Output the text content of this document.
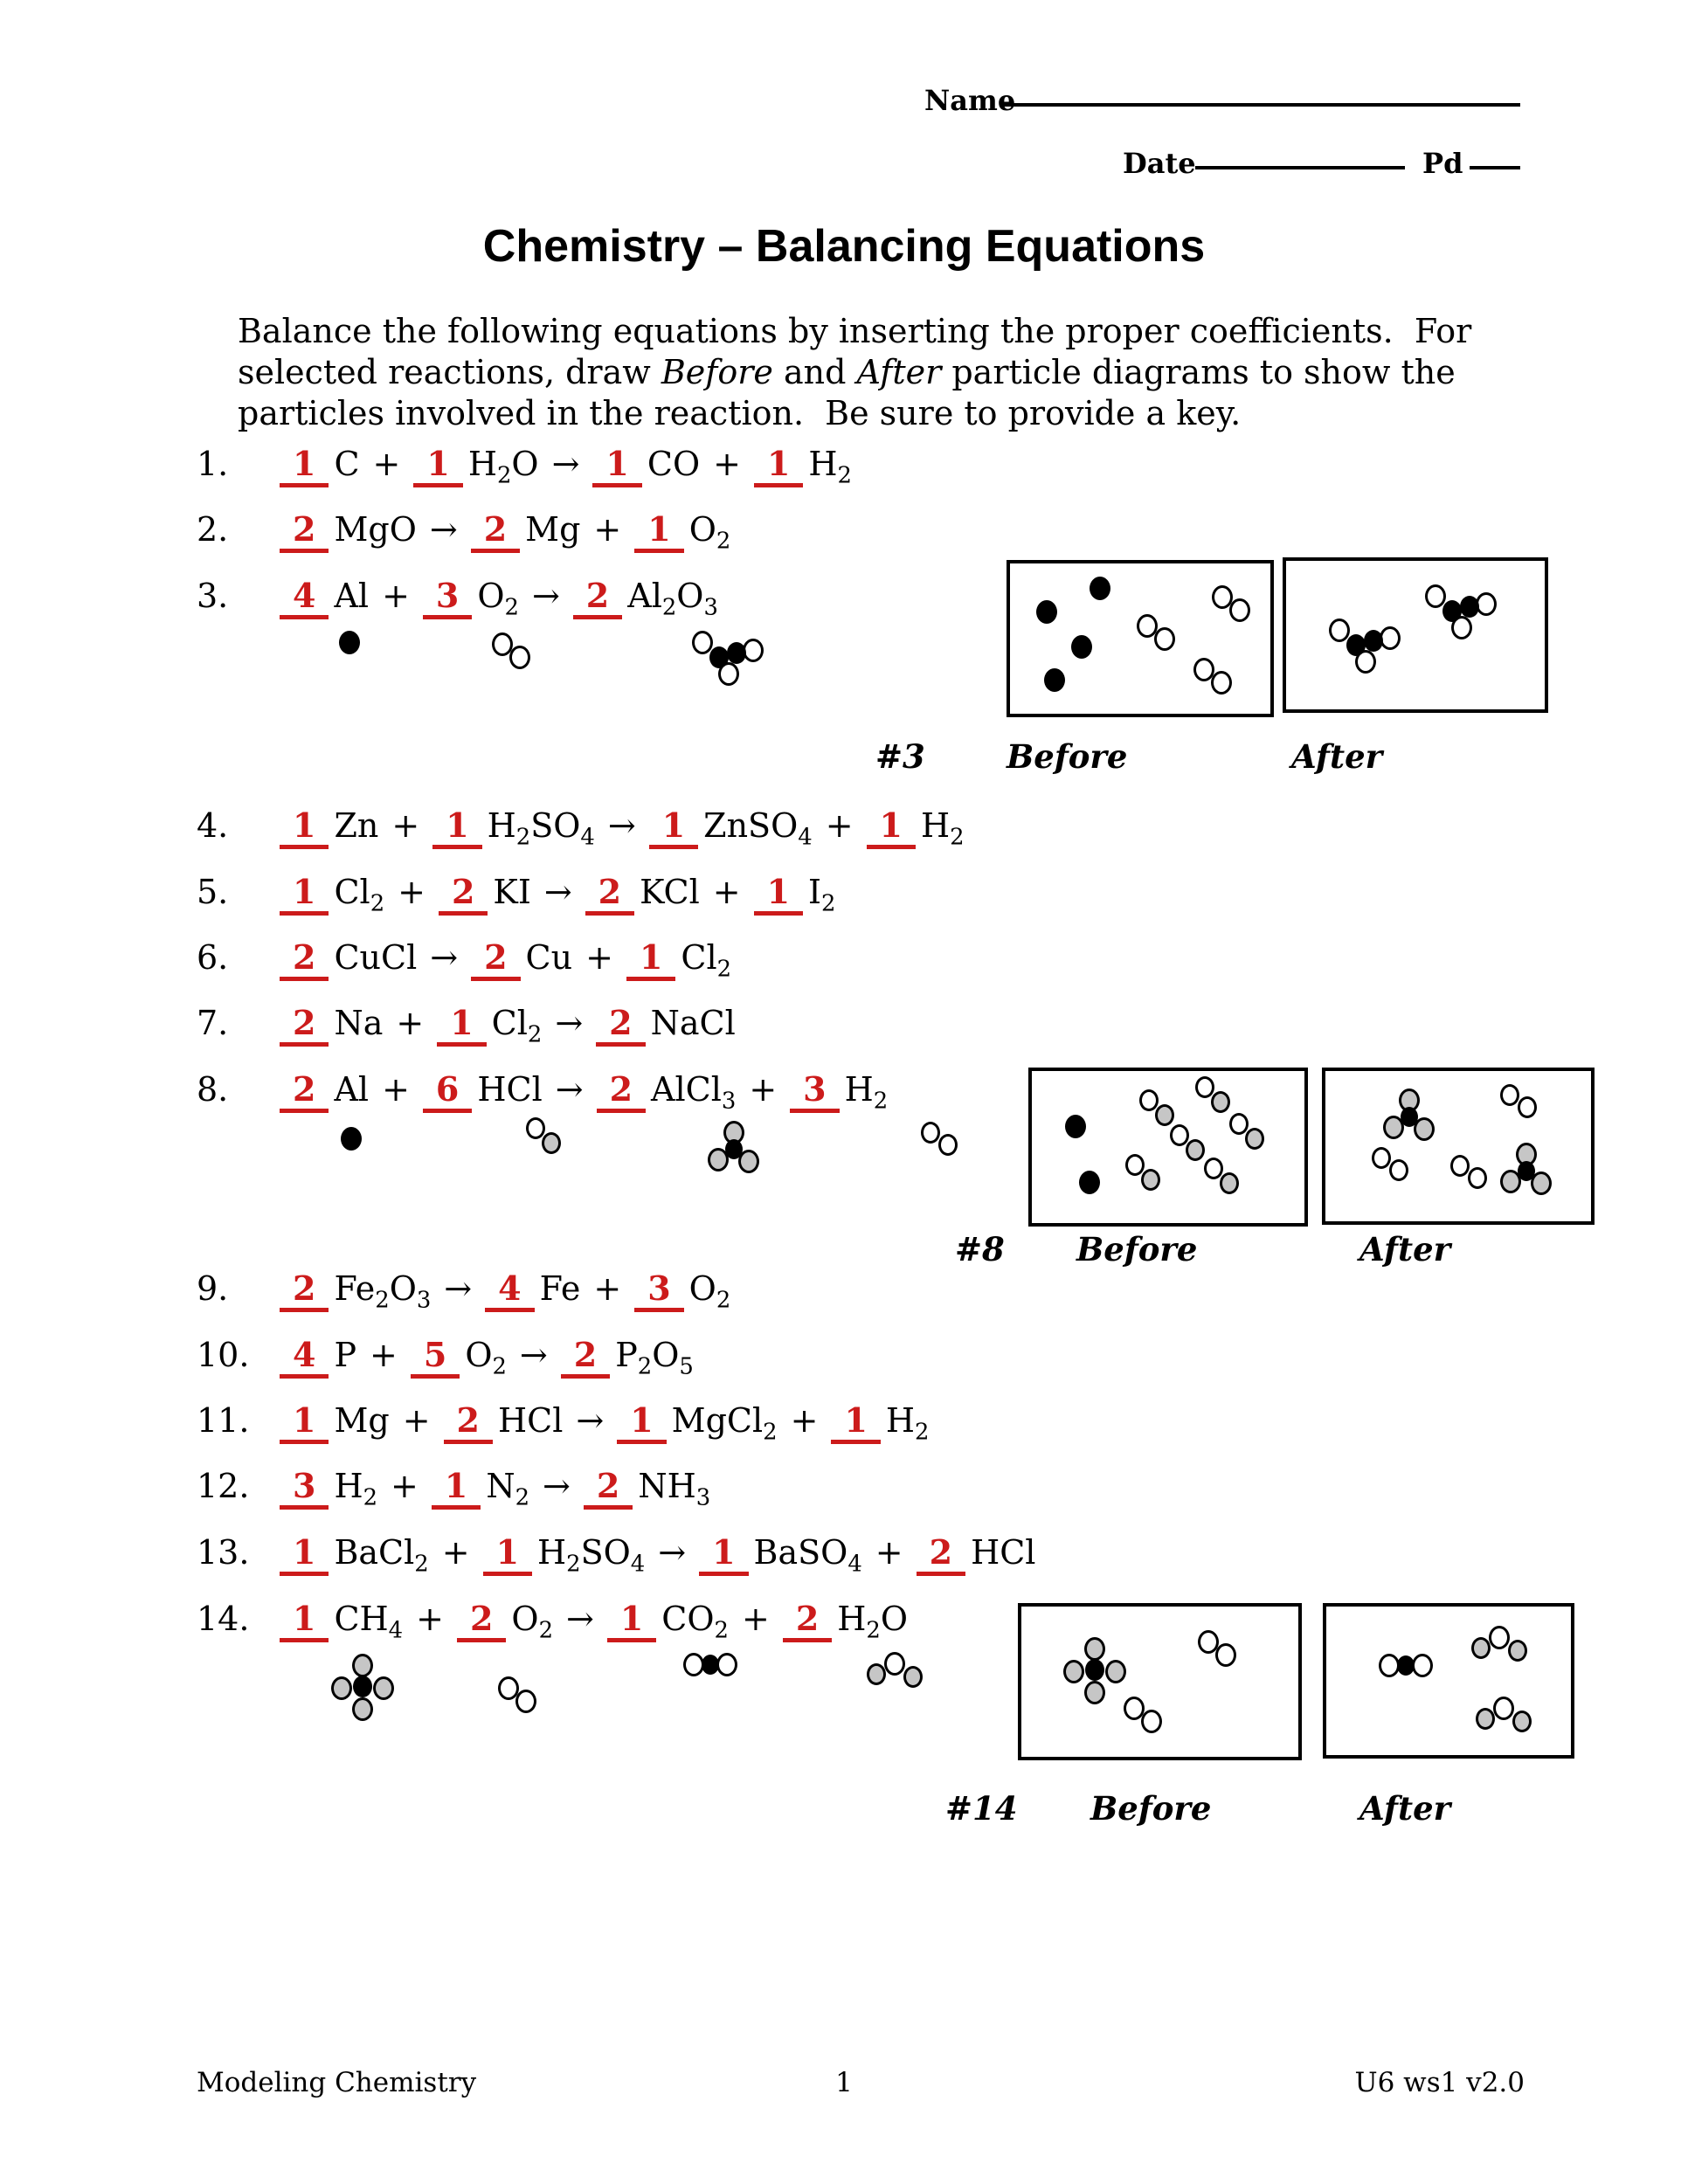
Name
Date	Pd
Chemistry – Balancing Equations

Balance the following equations by inserting the proper coefficients.  For selected reactions, draw Before and After particle diagrams to show the particles involved in the reaction.  Be sure to provide a key.

1. 1 C + 1 $H_2O \to 1$ CO + 1 $H_2$
2. 2 MgO → 2 Mg + 1 $O_2$
3. 4 Al + 3 $O_2 \to 2$ $Al_2O_3$
4. 1 Zn + 1 $H_2SO_4 \to 1$ ZnSO$_4$ + 1 $H_2$
5. 1 $Cl_2 + 2$ KI → 2 KCl + 1 $I_2$
6. 2 CuCl → 2 Cu + 1 $Cl_2$
7. 2 Na + 1 $Cl_2 \to 2$ NaCl
8. 2 Al + 6 HCl → 2 AlCl$_3$ + 3 $H_2$
9. 2 $Fe_2O_3 \to 4$ Fe + 3 $O_2$
10. 4 P + 5 $O_2 \to 2$ $P_2O_5$
11. 1 Mg + 2 HCl → 1 MgCl$_2$ + 1 $H_2$
12. 3 $H_2 + 1$ $N_2 \to 2$ $NH_3$
13. 1 BaCl$_2$ + 1 $H_2SO_4 \to 1$ BaSO$_4$ + 2 HCl
14. 1 $CH_4 + 2$ $O_2 \to 1$ $CO_2 + 2$ $H_2O$
#3	Before	After
#8 Before	After
#14 Before	After
Modeling Chemistry	1	U6 ws1 v2.0
